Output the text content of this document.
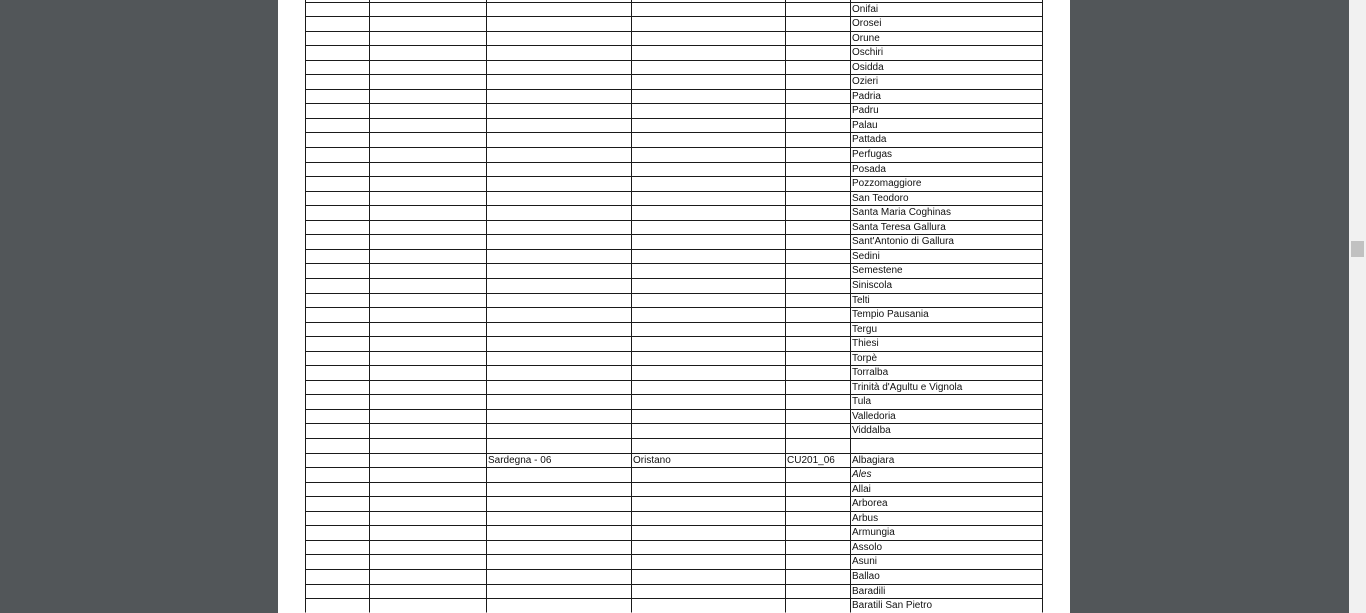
Onifai
Orosei
Orune
Oschiri
Osidda
Ozieri
Padria
Padru
Palau
Pattada
Perfugas
Posada
Pozzomaggiore
San Teodoro
Santa Maria Coghinas
Santa Teresa Gallura
Sant'Antonio di Gallura
Sedini
Semestene
Siniscola
Telti
Tempio Pausania
Tergu
Thiesi
Torpè
Torralba
Trinità d'Agultu e Vignola
Tula
Valledoria
Viddalba
Sardegna - 06	Oristano	CU201_06 Albagiara
Ales
Allai
Arborea
Arbus
Armungia
Assolo
Asuni
Ballao
Baradili
Baratili San Pietro
